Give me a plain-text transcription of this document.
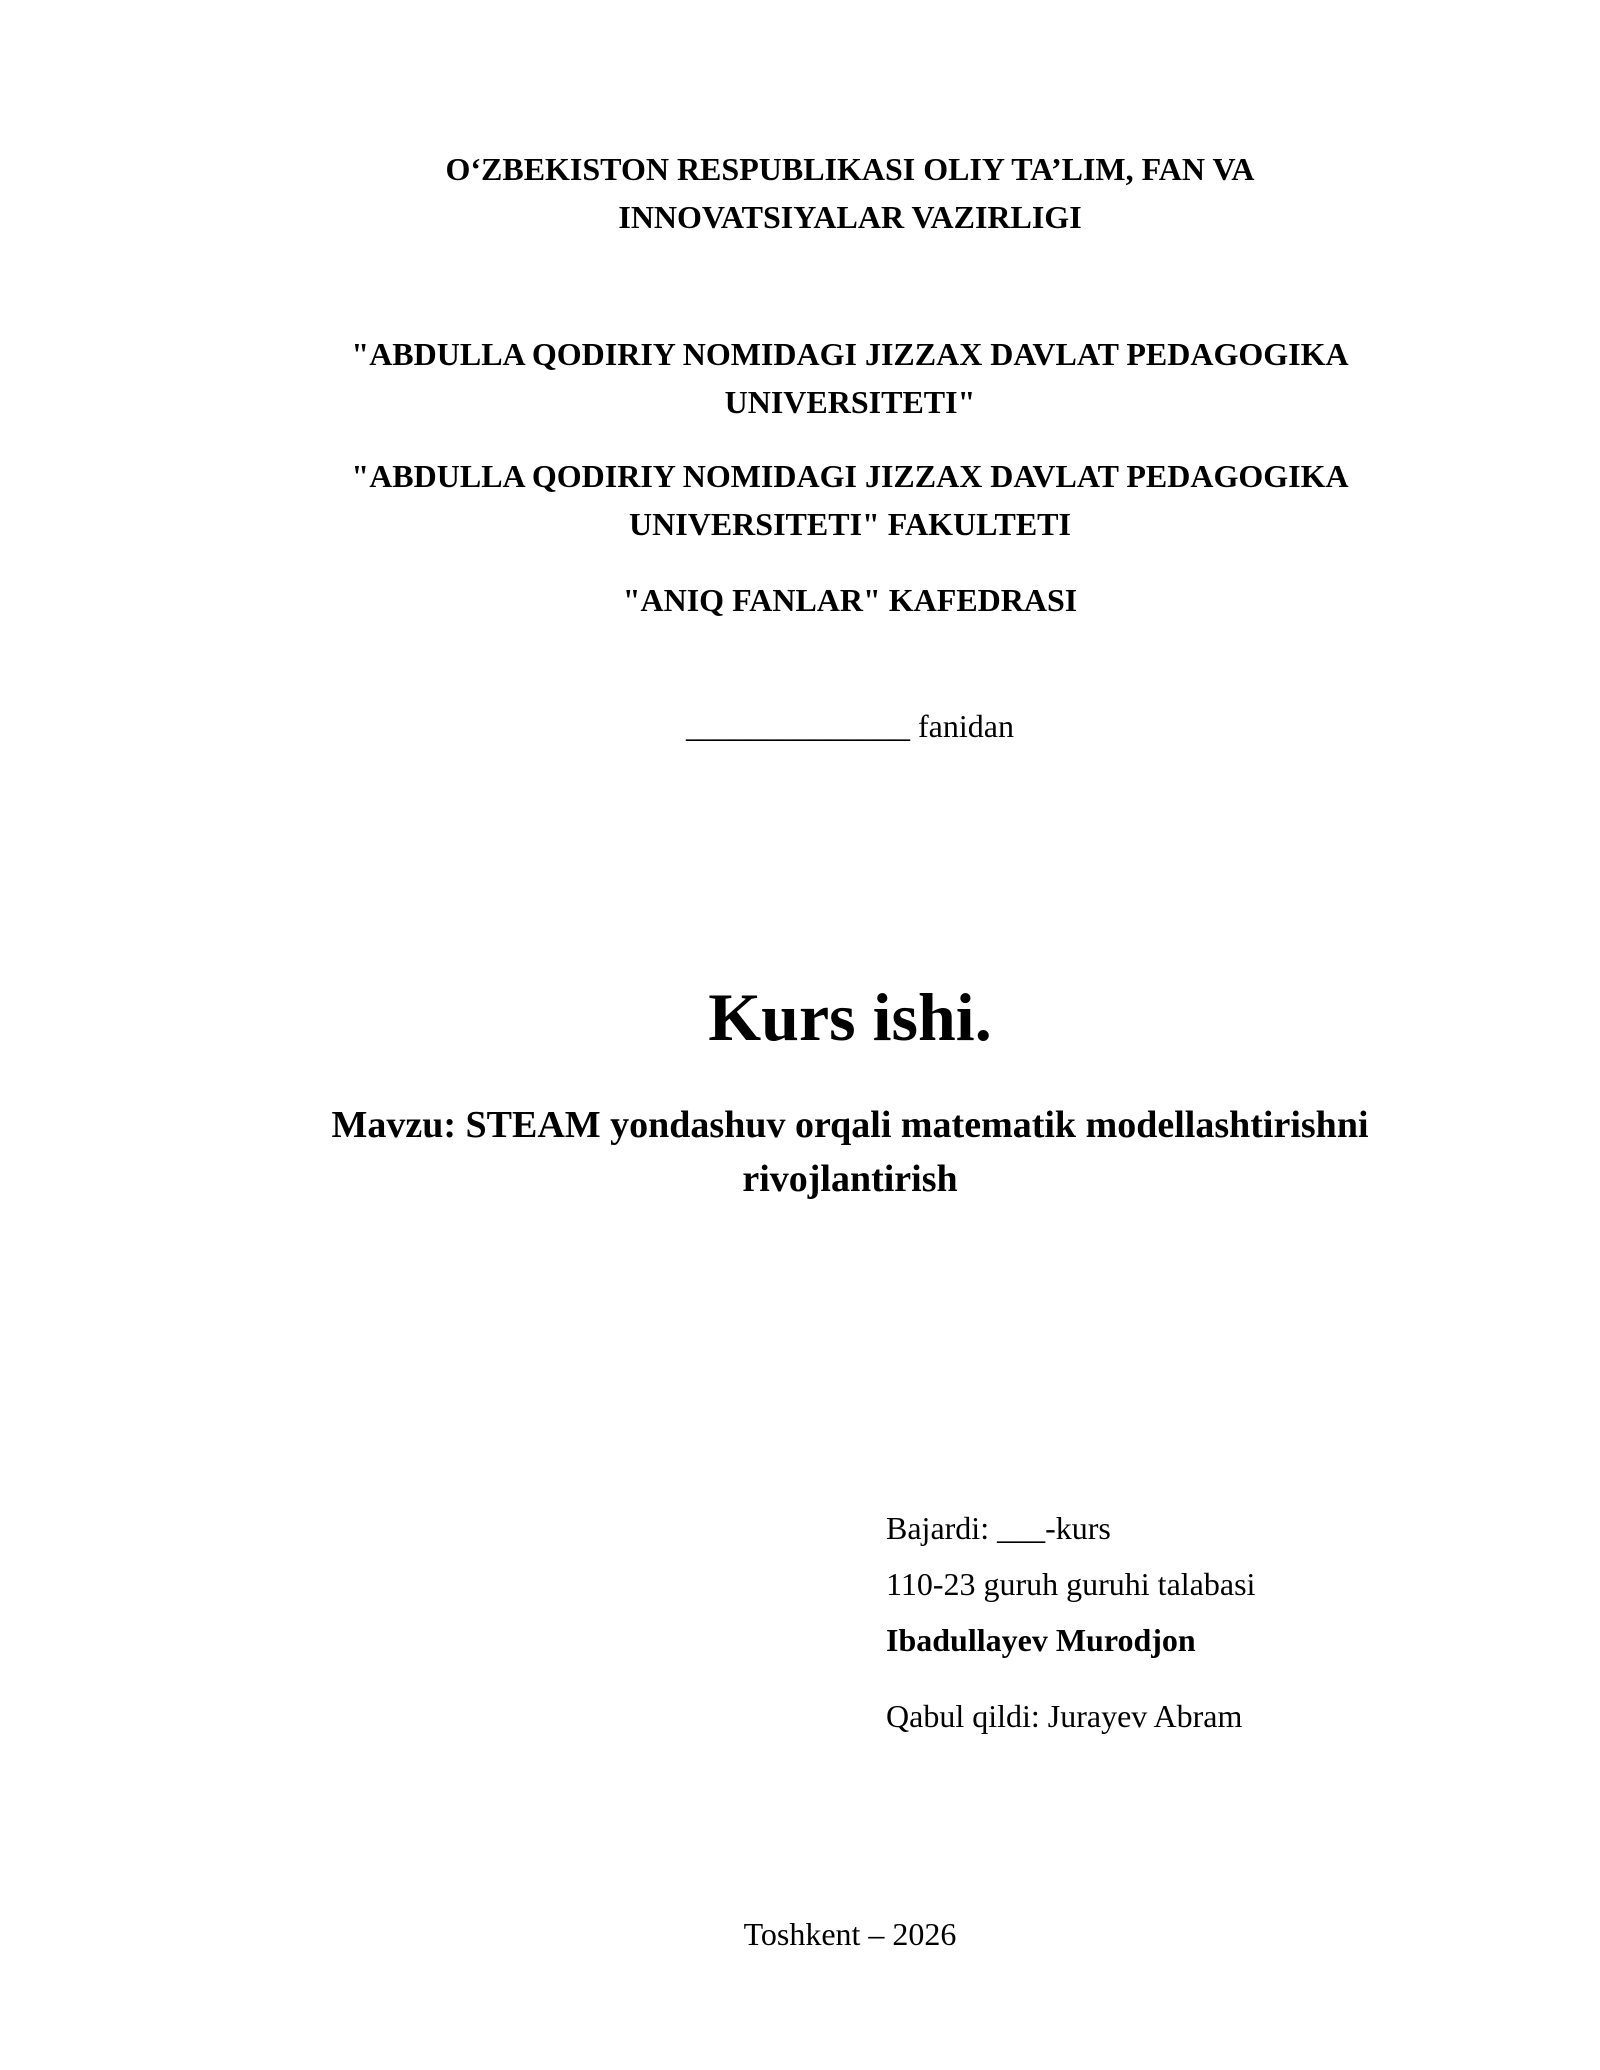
O‘ZBEKISTON RESPUBLIKASI OLIY TA’LIM, FAN VA

INNOVATSIYALAR VAZIRLIGI

"ABDULLA QODIRIY NOMIDAGI JIZZAX DAVLAT PEDAGOGIKA

UNIVERSITETI"

"ABDULLA QODIRIY NOMIDAGI JIZZAX DAVLAT PEDAGOGIKA

UNIVERSITETI" FAKULTETI

"ANIQ FANLAR" KAFEDRASI

______________ fanidan
Kurs ishi.
Mavzu: STEAM yondashuv orqali matematik modellashtirishni
rivojlantirish
Bajardi: ___-kurs
110-23 guruh guruhi talabasi
Ibadullayev Murodjon
Qabul qildi: Jurayev Abram
Toshkent – 2026
